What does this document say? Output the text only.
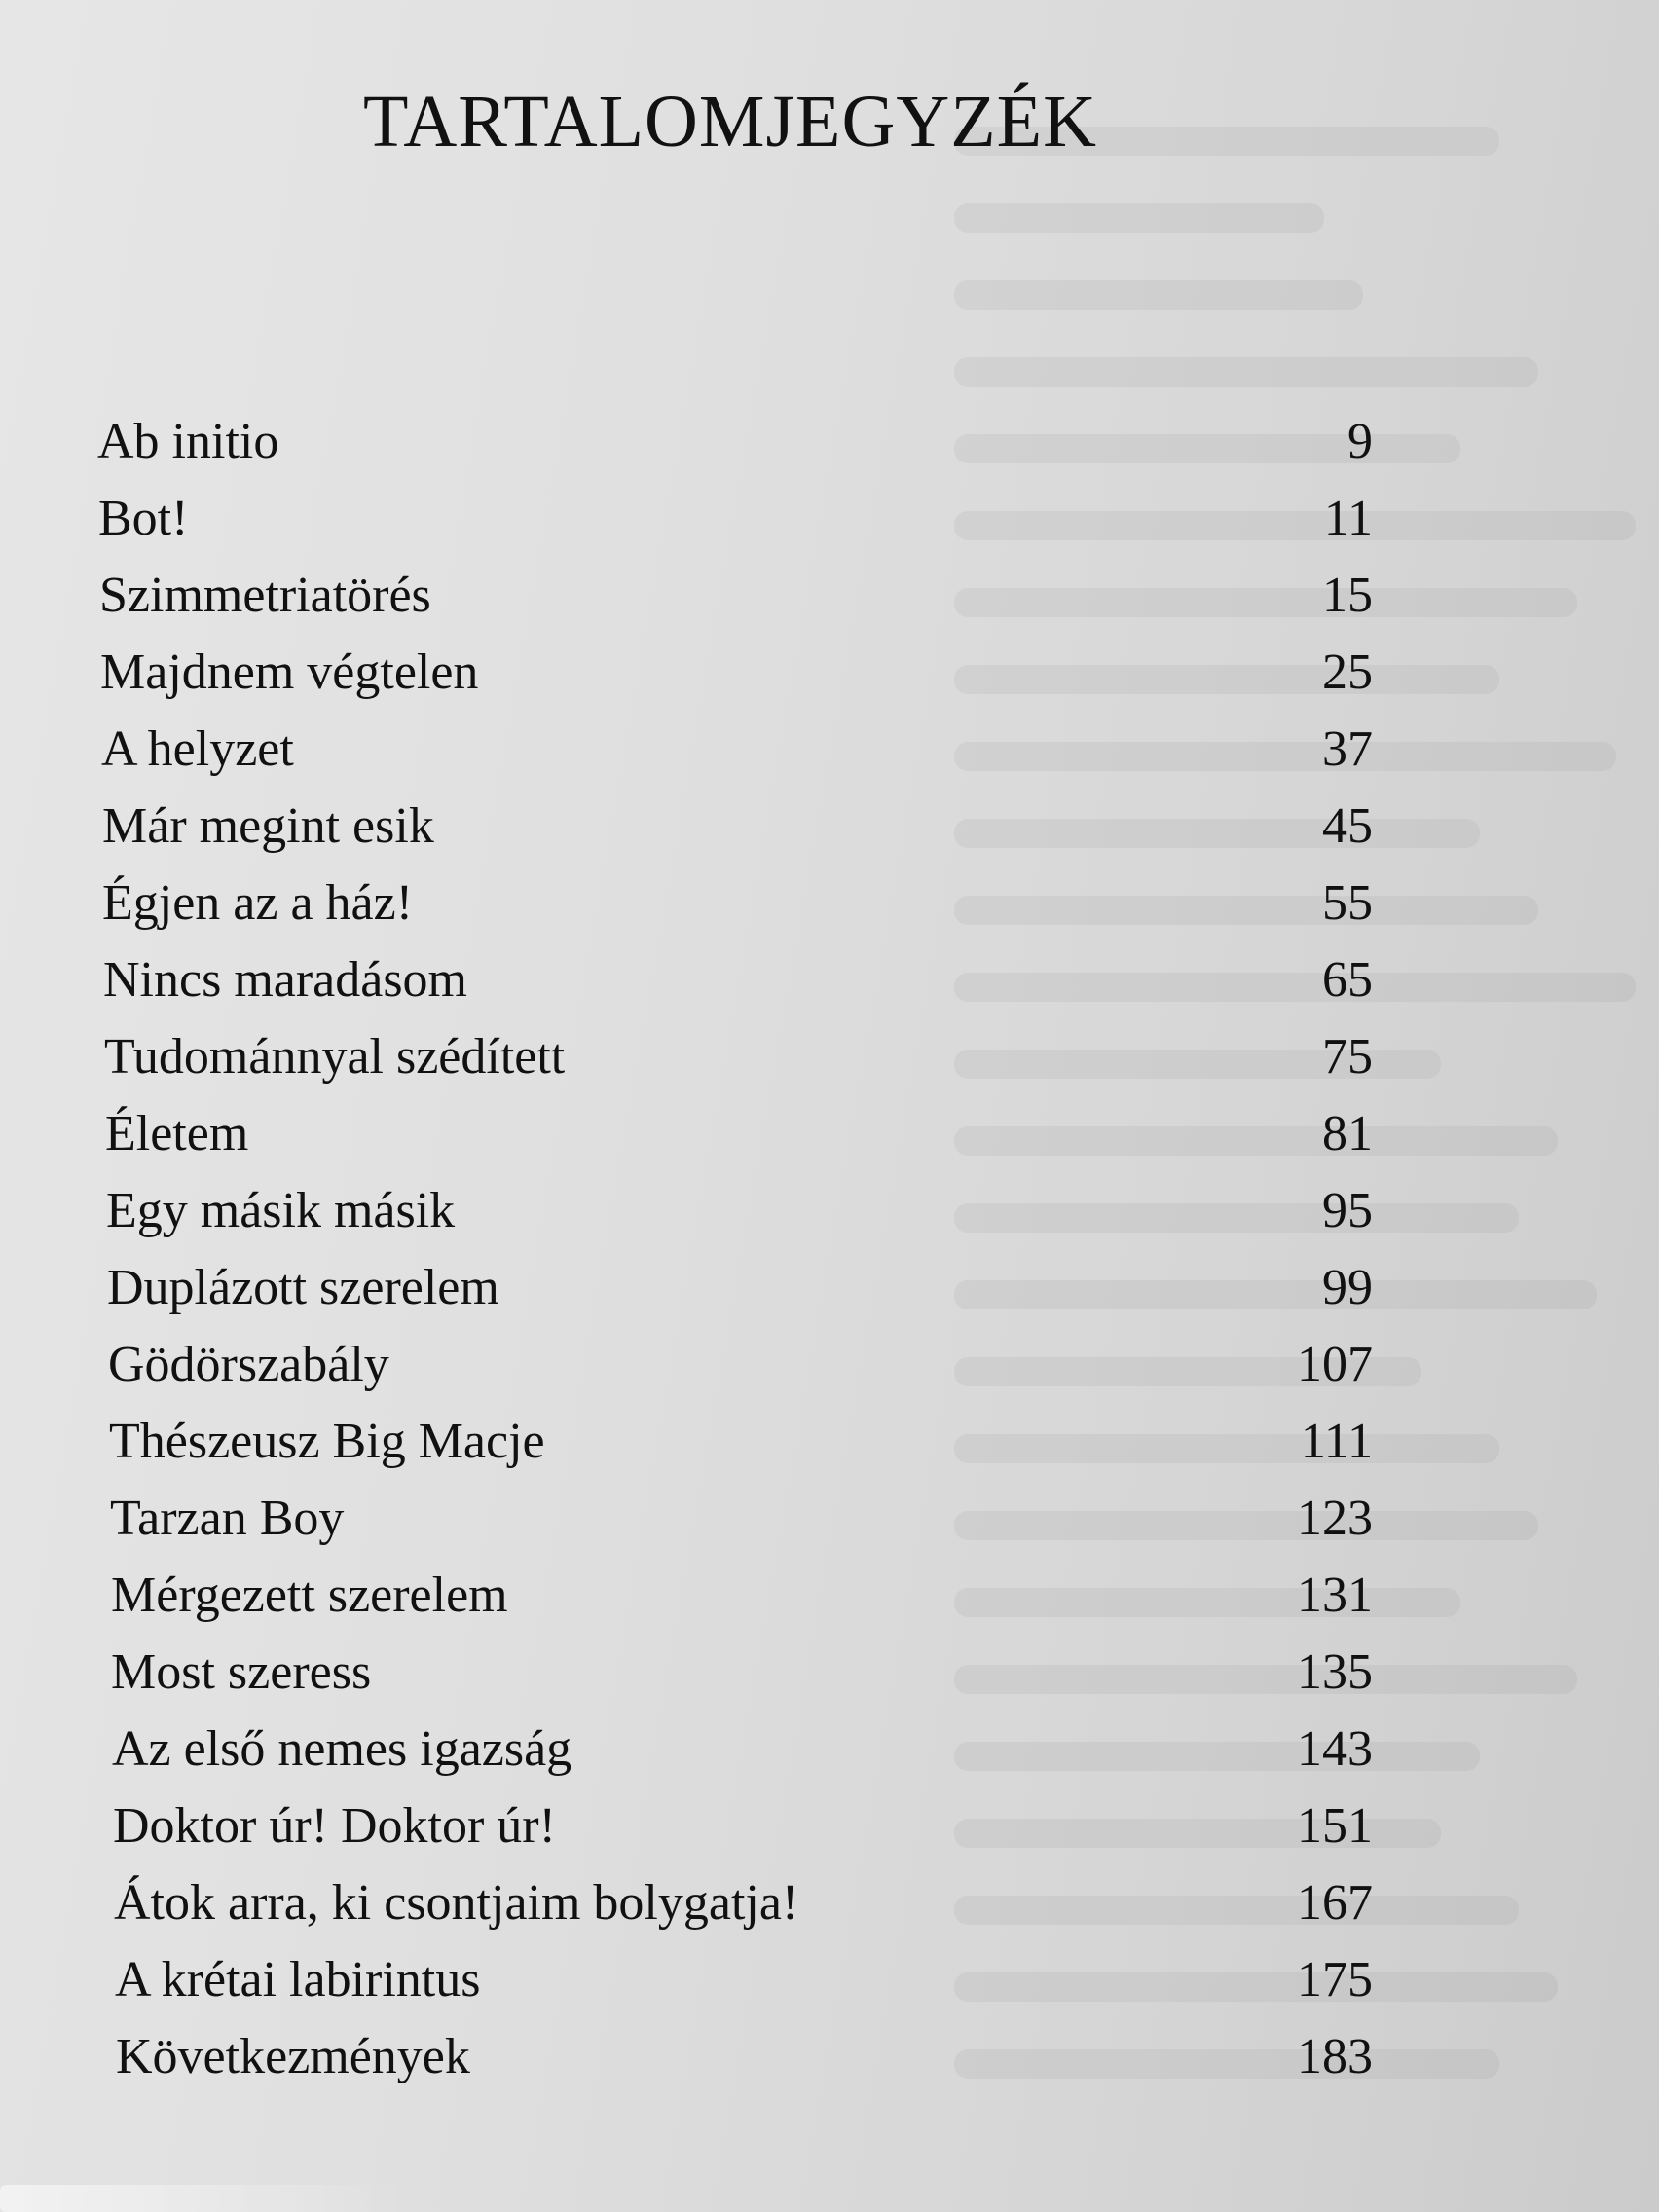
TARTALOMJEGYZÉK
Ab initio	9
Bot!	11
Szimmetriatörés	15
Majdnem végtelen	25
A helyzet	37
Már megint esik	45
Égjen az a ház!	55
Nincs maradásom	65
Tudománnyal szédített	75
Életem	81
Egy másik másik	95
Duplázott szerelem	99
Gödörszabály	107
Thészeusz Big Macje	111
Tarzan Boy	123
Mérgezett szerelem	131
Most szeress	135
Az első nemes igazság	143
Doktor úr! Doktor úr!	151
Átok arra, ki csontjaim bolygatja!	167
A krétai labirintus	175
Következmények	183
